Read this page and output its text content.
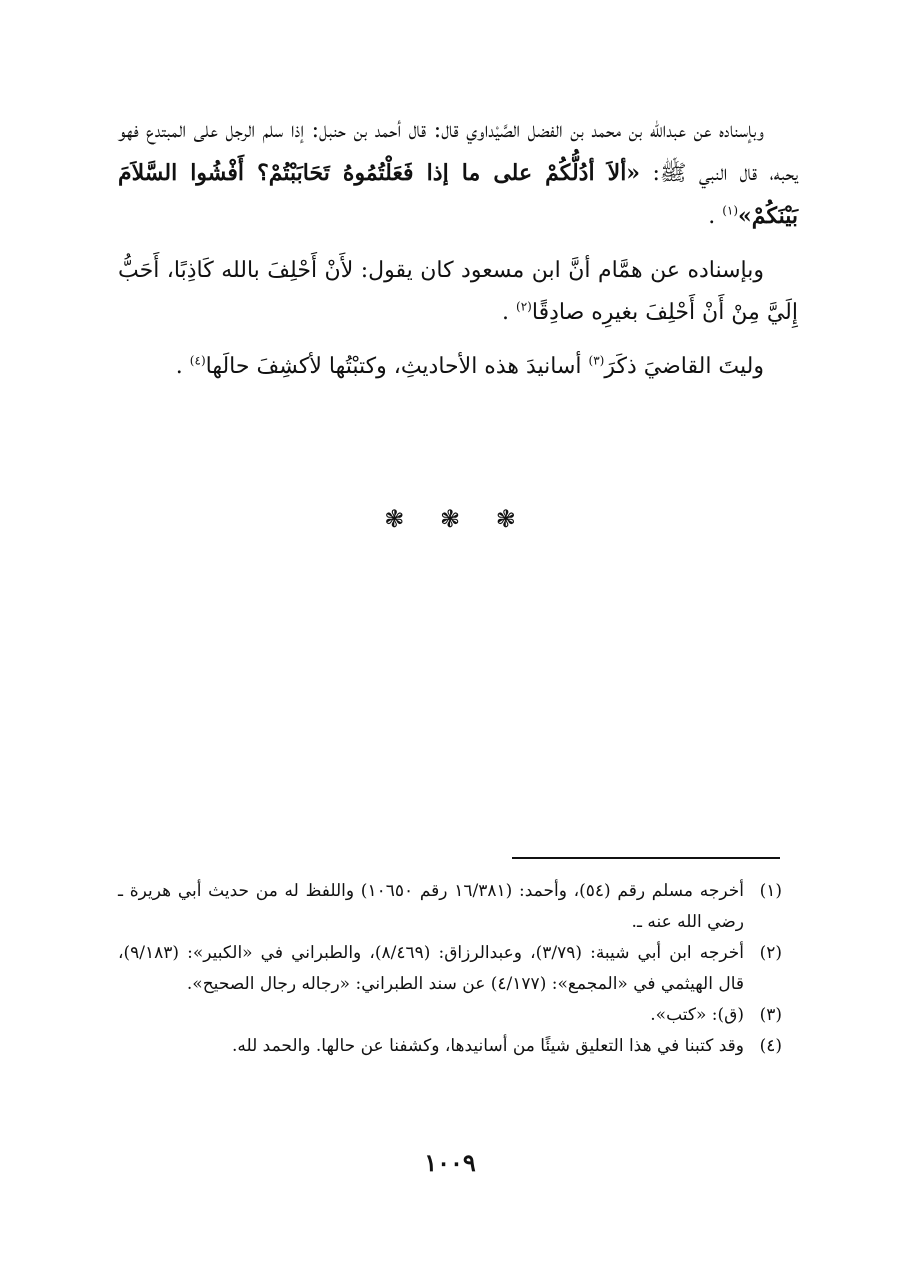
وبإسناده عن عبدالله بن محمد بن الفضل الصَّيْداوي قال: قال أحمد بن حنبل: إذا سلم الرجل على المبتدع فهو يحبه، قال النبي ﷺ: «ألاَ أدُلُّكُمْ على ما إذا فَعَلْتُمُوهُ تَحَابَبْتُمْ؟ أَفْشُوا السَّلاَمَ بَيْنَكُمْ»$^{(١)}$ .

وبإسناده عن همَّام أنَّ ابن مسعود كان يقول: لأَنْ أَحْلِفَ بالله كَاذِبًا، أَحَبُّ إِلَيَّ مِنْ أَنْ أَحْلِفَ بغيرِه صادِقًا$^{(٢)}$ .

وليتَ القاضيَ ذكَرَ$^{(٣)}$ أسانيدَ هذه الأحاديثِ، وكتبْتُها لأكشِفَ حالَها$^{(٤)}$ .

❃ ❃ ❃
(١)
أخرجه مسلم رقم (٥٤)، وأحمد: (١٦/٣٨١ رقم ١٠٦٥٠) واللفظ له من حديث أبي هريرة ـ رضي الله عنه ـ.
(٢)
أخرجه ابن أبي شيبة: (٣/٧٩)، وعبدالرزاق: (٨/٤٦٩)، والطبراني في «الكبير»: (٩/١٨٣)، قال الهيثمي في «المجمع»: (٤/١٧٧) عن سند الطبراني: «رجاله رجال الصحيح».
(٣)
(ق): «كتب».
(٤)
وقد كتبنا في هذا التعليق شيئًا من أسانيدها، وكشفنا عن حالها. والحمد لله.
١٠٠٩
